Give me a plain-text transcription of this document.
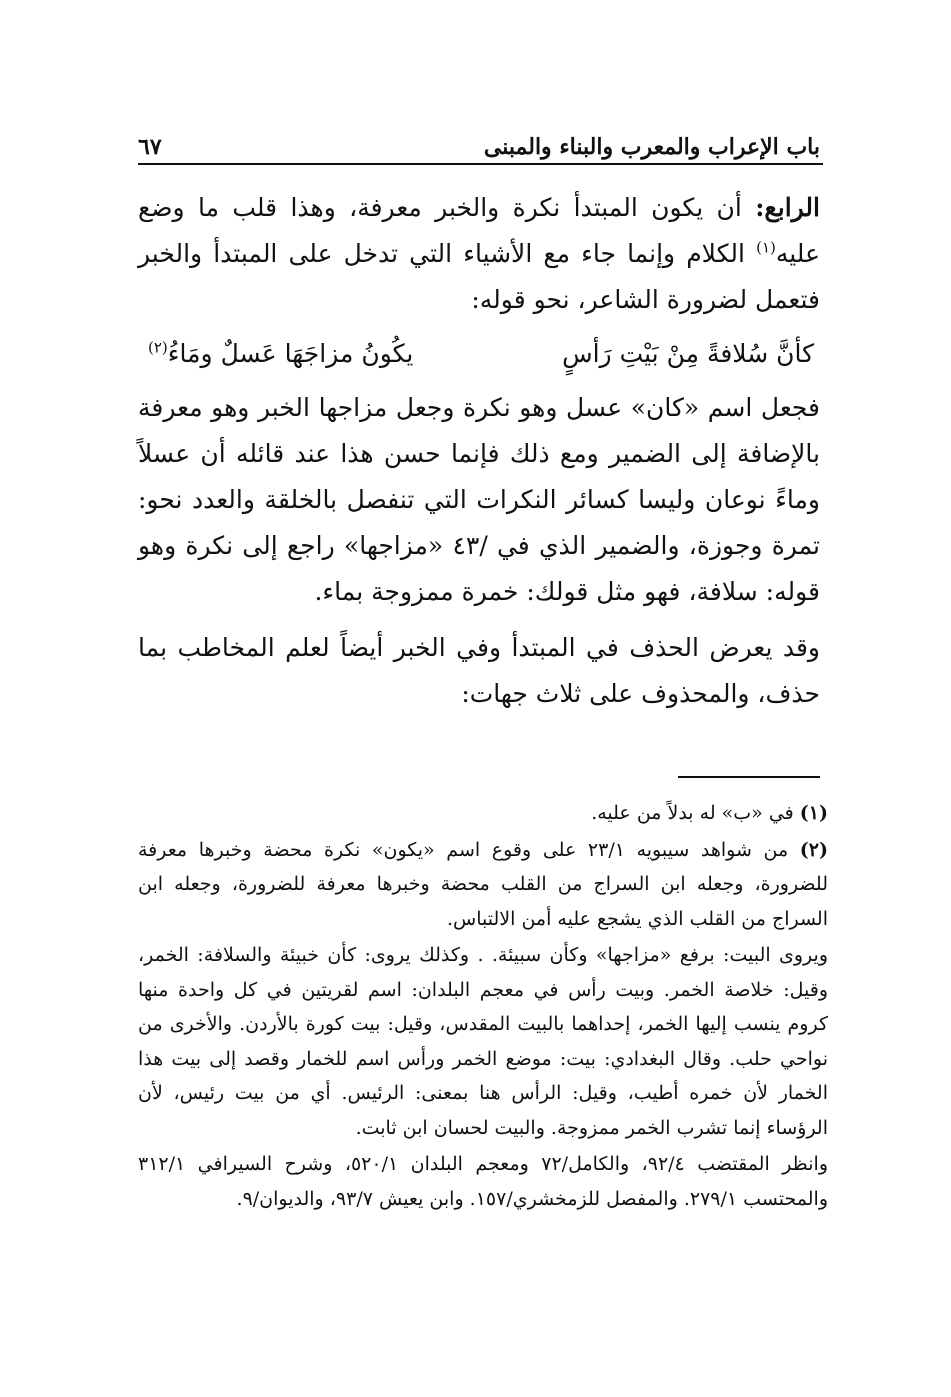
باب الإعراب والمعرب والبناء والمبنى
٦٧

الرابع: أن يكون المبتدأ نكرة والخبر معرفة، وهذا قلب ما وضع عليه$^{(١)}$ الكلام وإنما جاء مع الأشياء التي تدخل على المبتدأ والخبر فتعمل لضرورة الشاعر، نحو قوله:

كأنَّ سُلافةً مِنْ بَيْتِ رَأسٍ
يكُونُ مزاجَهَا عَسلٌ ومَاءُ$^{(٢)}$

فجعل اسم «كان» عسل وهو نكرة وجعل مزاجها الخبر وهو معرفة بالإضافة إلى الضمير ومع ذلك فإنما حسن هذا عند قائله أن عسلاً وماءً نوعان وليسا كسائر النكرات التي تنفصل بالخلقة والعدد نحو: تمرة وجوزة، والضمير الذي في /٤٣ «مزاجها» راجع إلى نكرة وهو قوله: سلافة، فهو مثل قولك: خمرة ممزوجة بماء.

وقد يعرض الحذف في المبتدأ وفي الخبر أيضاً لعلم المخاطب بما حذف، والمحذوف على ثلاث جهات:

(١) في «ب» له بدلاً من عليه.

(٢) من شواهد سيبويه ٢٣/١ على وقوع اسم «يكون» نكرة محضة وخبرها معرفة للضرورة، وجعله ابن السراج من القلب محضة وخبرها معرفة للضرورة، وجعله ابن السراج من القلب الذي يشجع عليه أمن الالتباس.

ويروى البيت: برفع «مزاجها» وكأن سبيئة. . وكذلك يروى: كأن خبيئة والسلافة: الخمر، وقيل: خلاصة الخمر. وبيت رأس في معجم البلدان: اسم لقريتين في كل واحدة منها كروم ينسب إليها الخمر، إحداهما بالبيت المقدس، وقيل: بيت كورة بالأردن. والأخرى من نواحي حلب. وقال البغدادي: بيت: موضع الخمر ورأس اسم للخمار وقصد إلى بيت هذا الخمار لأن خمره أطيب، وقيل: الرأس هنا بمعنى: الرئيس. أي من بيت رئيس، لأن الرؤساء إنما تشرب الخمر ممزوجة. والبيت لحسان ابن ثابت.

وانظر المقتضب ٩٢/٤، والكامل/٧٢ ومعجم البلدان ٥٢٠/١، وشرح السيرافي ٣١٢/١ والمحتسب ٢٧٩/١. والمفصل للزمخشري/١٥٧. وابن يعيش ٩٣/٧، والديوان/٩.
